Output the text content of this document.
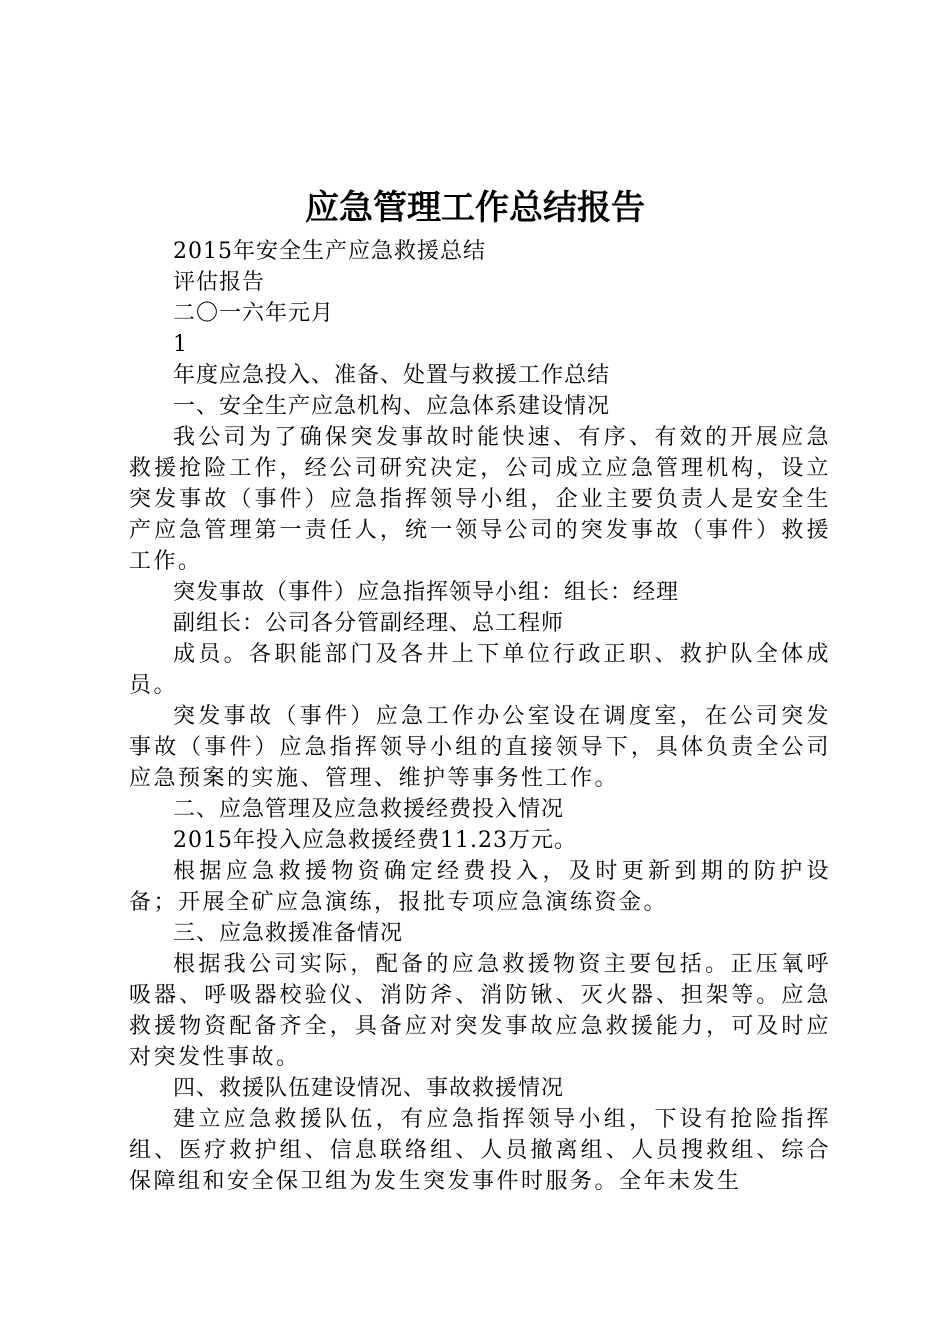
应急管理工作总结报告

2015年安全生产应急救援总结

评估报告

二〇一六年元月

1

年度应急投入、准备、处置与救援工作总结

一、安全生产应急机构、应急体系建设情况

我公司为了确保突发事故时能快速、有序、有效的开展应急救援抢险工作，经公司研究决定，公司成立应急管理机构，设立突发事故（事件）应急指挥领导小组，企业主要负责人是安全生产应急管理第一责任人，统一领导公司的突发事故（事件）救援工作。

突发事故（事件）应急指挥领导小组：组长：经理

副组长：公司各分管副经理、总工程师

成员。各职能部门及各井上下单位行政正职、救护队全体成员。

突发事故（事件）应急工作办公室设在调度室，在公司突发事故（事件）应急指挥领导小组的直接领导下，具体负责全公司应急预案的实施、管理、维护等事务性工作。

二、应急管理及应急救援经费投入情况

2015年投入应急救援经费11.23万元。

根据应急救援物资确定经费投入，及时更新到期的防护设备；开展全矿应急演练，报批专项应急演练资金。

三、应急救援准备情况

根据我公司实际，配备的应急救援物资主要包括。正压氧呼吸器、呼吸器校验仪、消防斧、消防锹、灭火器、担架等。应急救援物资配备齐全，具备应对突发事故应急救援能力，可及时应对突发性事故。

四、救援队伍建设情况、事故救援情况

建立应急救援队伍，有应急指挥领导小组，下设有抢险指挥组、医疗救护组、信息联络组、人员撤离组、人员搜救组、综合保障组和安全保卫组为发生突发事件时服务。全年未发生
